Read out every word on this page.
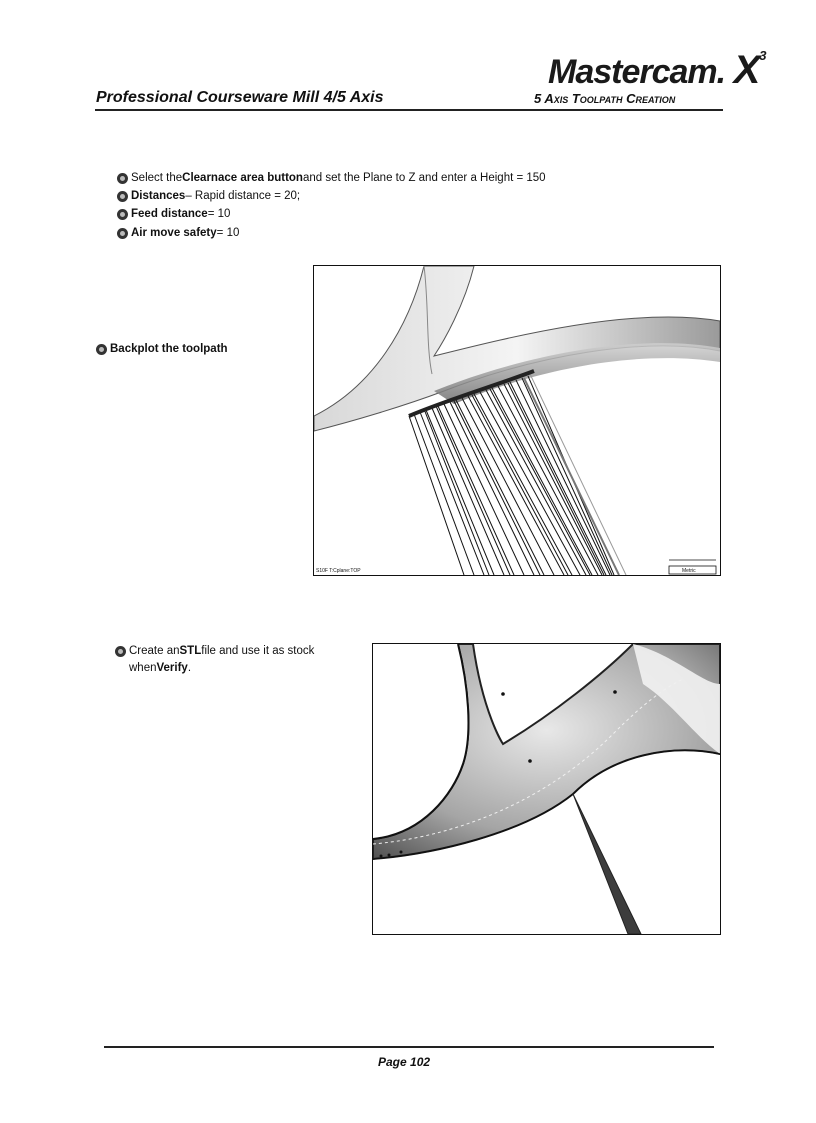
Mastercam. $X^3$
Professional Courseware Mill 4/5 Axis	5 Axis Toolpath Creation
Select the Clearnace area button and set the Plane to Z and enter a Height = 150
Distances – Rapid distance = 20;
Feed distance = 10
Air move safety = 10
Backplot the toolpath
S10F T:Cplane:TOP	Metric
Create an STL file and use it as stock
when Verify .
Page 102
